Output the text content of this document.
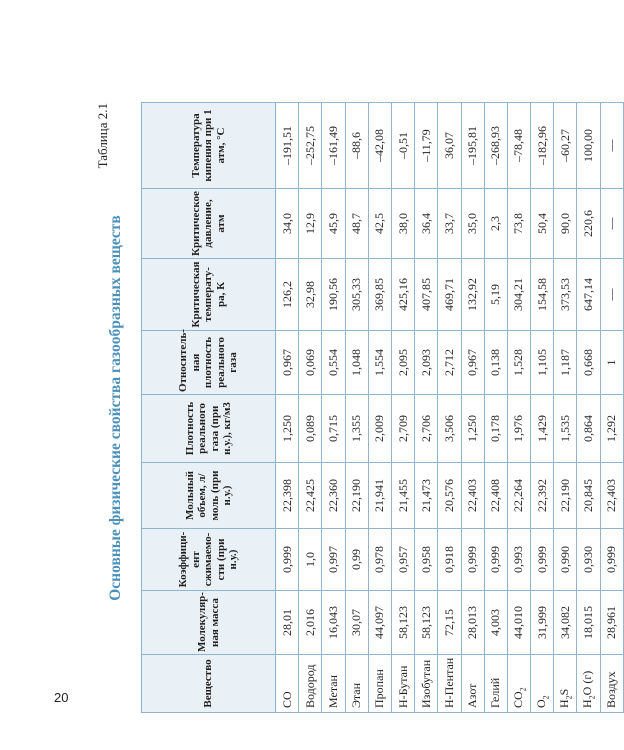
20
Таблица 2.1
Основные физические свойства газообразных веществ
Вещество	Молекуляр-ная масса	Коэффици-ент сжимаемо-сти (при н.у.)	Мольный объем, л/моль (при н.у.)	Плотность реального газа (при н.у.), кг/м3	Относитель-ная плотность реального газа	Критическая температу-ра, К	Критическое давление, атм	Температура кипения при 1 атм, °С
CO	28,01	0,999	22,398	1,250	0,967	126,2	34,0	–191,51
Водород	2,016	1,0	22,425	0,089	0,069	32,98	12,9	–252,75
Метан	16,043	0,997	22,360	0,715	0,554	190,56	45,9	–161,49
Этан	30,07	0,99	22,190	1,355	1,048	305,33	48,7	–88,6
Пропан	44,097	0,978	21,941	2,009	1,554	369,85	42,5	–42,08
Н-Бутан	58,123	0,957	21,455	2,709	2,095	425,16	38,0	–0,51
Изобутан	58,123	0,958	21,473	2,706	2,093	407,85	36,4	–11,79
Н-Пентан	72,15	0,918	20,576	3,506	2,712	469,71	33,7	36,07
Азот	28,013	0,999	22,403	1,250	0,967	132,92	35,0	–195,81
Гелий	4,003	0,999	22,408	0,178	0,138	5,19	2,3	–268,93
$CO_2$	44,010	0,993	22,264	1,976	1,528	304,21	73,8	–78,48
$O_2$	31,999	0,999	22,392	1,429	1,105	154,58	50,4	–182,96
$H_2S$	34,082	0,990	22,190	1,535	1,187	373,53	90,0	–60,27
$H_2O$ (г)	18,015	0,930	20,845	0,864	0,668	647,14	220,6	100,00
Воздух	28,961	0,999	22,403	1,292	1	—	—	—
